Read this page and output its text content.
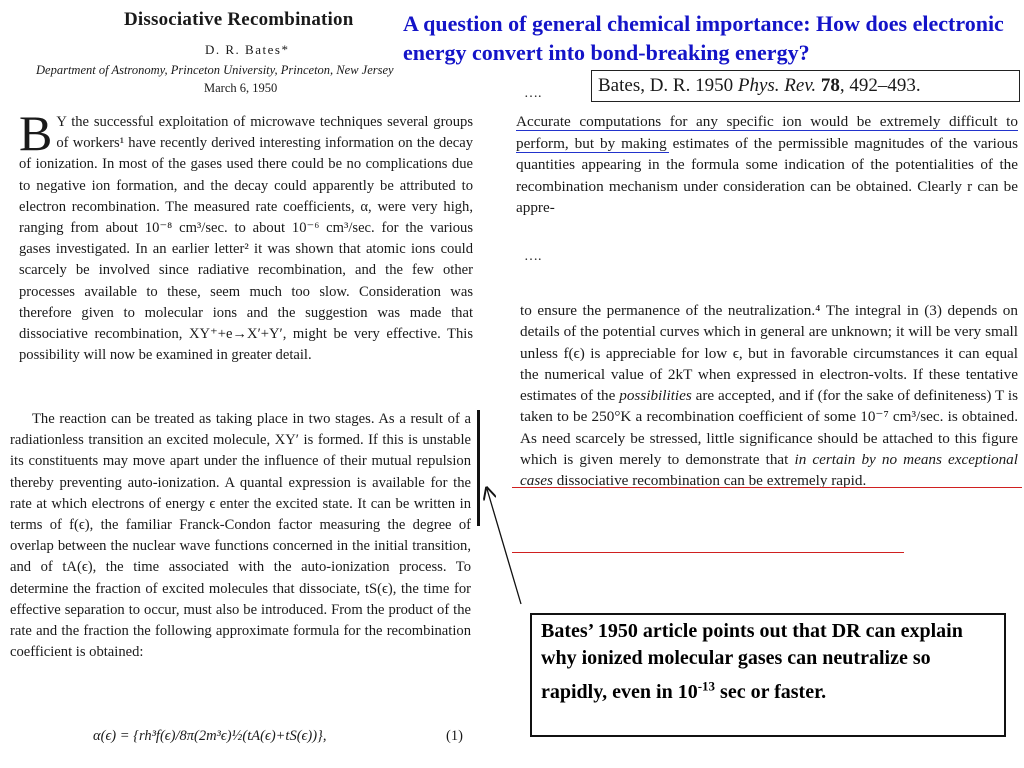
Dissociative Recombination
D. R. Bates*
Department of Astronomy, Princeton University, Princeton, New Jersey
March 6, 1950
B Y the successful exploitation of microwave techniques several groups of workers¹ have recently derived interesting information on the decay of ionization. In most of the gases used there could be no complications due to negative ion formation, and the decay could apparently be attributed to electron recombination. The measured rate coefficients, α, were very high, ranging from about 10⁻⁸ cm³/sec. to about 10⁻⁶ cm³/sec. for the various gases investigated. In an earlier letter² it was shown that atomic ions could scarcely be involved since radiative recombination, and the few other processes available to these, seem much too slow. Consideration was therefore given to molecular ions and the suggestion was made that dissociative recombination, XY⁺+e→X′+Y′, might be very effective. This possibility will now be examined in greater detail.
The reaction can be treated as taking place in two stages. As a result of a radiationless transition an excited molecule, XY′ is formed. If this is unstable its constituents may move apart under the influence of their mutual repulsion thereby preventing auto-ionization. A quantal expression is available for the rate at which electrons of energy ϵ enter the excited state. It can be written in terms of f(ϵ), the familiar Franck-Condon factor measuring the degree of overlap between the nuclear wave functions concerned in the initial transition, and of tA(ϵ), the time associated with the auto-ionization process. To determine the fraction of excited molecules that dissociate, tS(ϵ), the time for effective separation to occur, must also be introduced. From the product of the rate and the fraction the following approximate formula for the recombination coefficient is obtained:
α(ϵ) = {rh³f(ϵ)/8π(2m³ϵ)½(tA(ϵ)+tS(ϵ))},	(1)
A question of general chemical importance: How does electronic energy convert into bond-breaking energy?
….	Bates, D. R. 1950 Phys. Rev. 78, 492–493.
Accurate computations for any specific ion would be extremely difficult to perform, but by making estimates of the permissible magnitudes of the various quantities appearing in the formula some indication of the potentialities of the recombination mechanism under consideration can be obtained. Clearly r can be appre-
….
to ensure the permanence of the neutralization.⁴ The integral in (3) depends on details of the potential curves which in general are unknown; it will be very small unless f(ϵ) is appreciable for low ϵ, but in favorable circumstances it can equal the numerical value of 2kT when expressed in electron-volts. If these tentative estimates of the possibilities are accepted, and if (for the sake of definiteness) T is taken to be 250°K a recombination coefficient of some 10⁻⁷ cm³/sec. is obtained. As need scarcely be stressed, little significance should be attached to this figure which is given merely to demonstrate that in certain by no means exceptional cases dissociative recombination can be extremely rapid.
Bates’ 1950 article points out that DR can explain why ionized molecular gases can neutralize so rapidly, even in $10^{-13}$ sec or faster.
